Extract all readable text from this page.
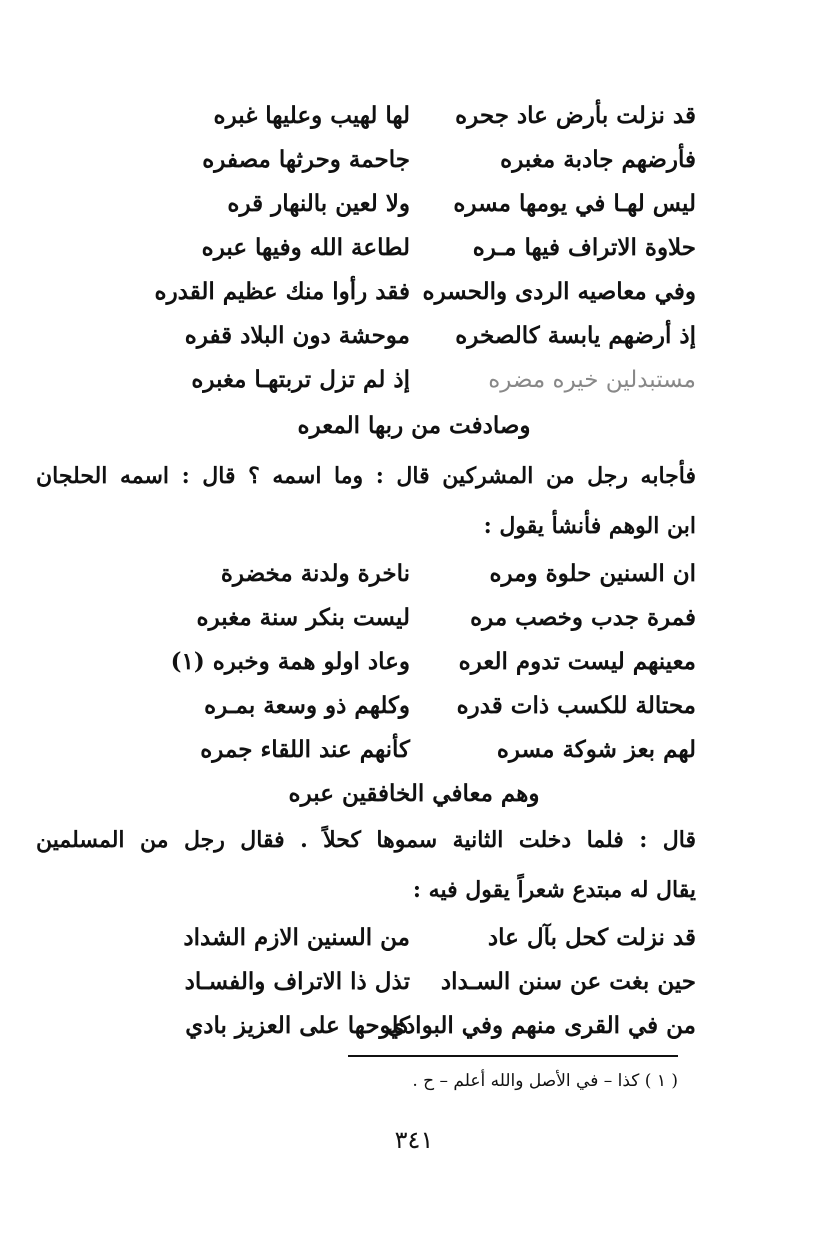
قد نزلت بأرض عاد جحره
لها لهيب وعليها غبره
فأرضهم جادبة مغبره
جاحمة وحرثها مصفره
ليس لهـا في يومها مسره
ولا لعين بالنهار قره
حلاوة الاتراف فيها مـره
لطاعة الله وفيها عبره
وفي معاصيه الردى والحسره
فقد رأوا منك عظيم القدره
إذ أرضهم يابسة كالصخره
موحشة دون البلاد قفره
مستبدلين خيره مضره
إذ لم تزل تربتهـا مغبره
وصادفت من ربها المعره
فأجابه رجل من المشركين قال : وما اسمه ؟ قال : اسمه الحلجان
ابن الوهم فأنشأ يقول :
ان السنين حلوة ومره
ناخرة ولدنة مخضرة
فمرة جدب وخصب مره
ليست بنكر سنة مغبره
معينهم ليست تدوم العره
وعاد اولو همة وخبره (١)
محتالة للكسب ذات قدره
وكلهم ذو وسعة بمـره
لهم بعز شوكة مسره
كأنهم عند اللقاء جمره
وهم معافي الخافقين عبره
قال : فلما دخلت الثانية سموها كحلاً . فقال رجل من المسلمين
يقال له مبتدع شعراً يقول فيه :
قد نزلت كحل بآل عاد
من السنين الازم الشداد
حين بغت عن سنن السـداد
تذل ذا الاتراف والفسـاد
من في القرى منهم وفي البوادي
كلوحها على العزيز بادي
( ١ ) كذا – في الأصل والله أعلم – ح .
٣٤١
